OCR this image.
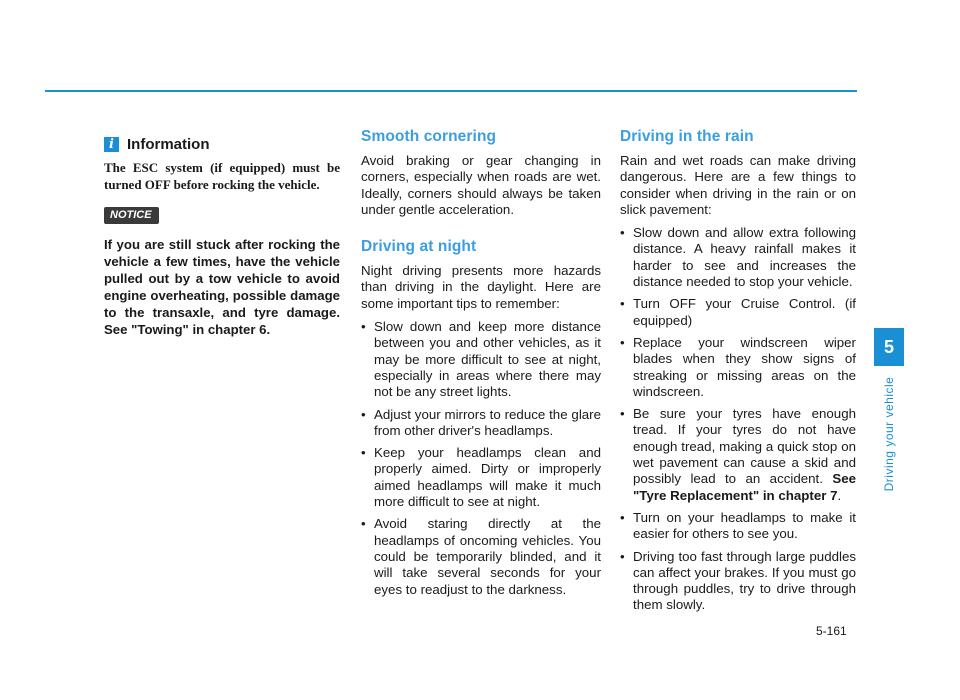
i Information

The ESC system (if equipped) must be turned OFF before rocking the vehicle.

NOTICE

If you are still stuck after rocking the vehicle a few times, have the vehicle pulled out by a tow vehicle to avoid engine overheating, possible damage to the transaxle, and tyre damage. See "Towing" in chapter 6.

Smooth cornering

Avoid braking or gear changing in corners, especially when roads are wet. Ideally, corners should always be taken under gentle acceleration.

Driving at night

Night driving presents more hazards than driving in the daylight. Here are some important tips to remember:

• Slow down and keep more distance between you and other vehicles, as it may be more difficult to see at night, especially in areas where there may not be any street lights.
• Adjust your mirrors to reduce the glare from other driver's headlamps.
• Keep your headlamps clean and properly aimed. Dirty or improperly aimed headlamps will make it much more difficult to see at night.
• Avoid staring directly at the headlamps of oncoming vehicles. You could be temporarily blinded, and it will take several seconds for your eyes to readjust to the darkness.
Driving in the rain

Rain and wet roads can make driving dangerous. Here are a few things to consider when driving in the rain or on slick pavement:

• Slow down and allow extra following distance. A heavy rainfall makes it harder to see and increases the distance needed to stop your vehicle.
• Turn OFF your Cruise Control. (if equipped)
• Replace your windscreen wiper blades when they show signs of streaking or missing areas on the windscreen.
• Be sure your tyres have enough tread. If your tyres do not have enough tread, making a quick stop on wet pavement can cause a skid and possibly lead to an accident. See "Tyre Replacement" in chapter 7.
• Turn on your headlamps to make it easier for others to see you.
• Driving too fast through large puddles can affect your brakes. If you must go through puddles, try to drive through them slowly.
5
Driving your vehicle
5-161
